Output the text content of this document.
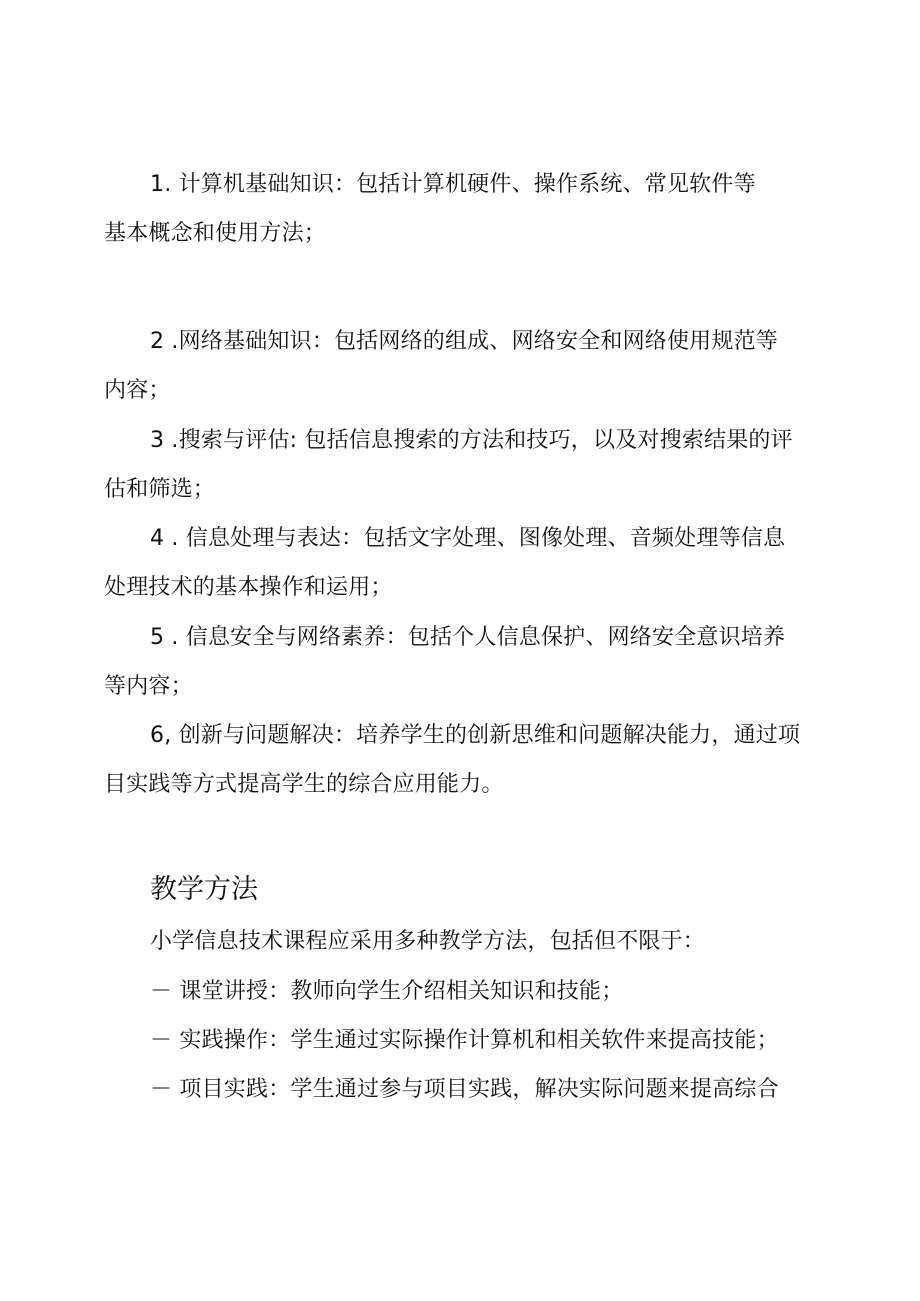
1. 计算机基础知识：包括计算机硬件、操作系统、常见软件等
基本概念和使用方法；
2 .网络基础知识：包括网络的组成、网络安全和网络使用规范等
内容；
3 .搜索与评估: 包括信息搜索的方法和技巧，以及对搜索结果的评
估和筛选；
4 . 信息处理与表达：包括文字处理、图像处理、音频处理等信息
处理技术的基本操作和运用；
5 . 信息安全与网络素养：包括个人信息保护、网络安全意识培养
等内容；
6, 创新与问题解决：培养学生的创新思维和问题解决能力，通过项
目实践等方式提高学生的综合应用能力。
教学方法
小学信息技术课程应采用多种教学方法，包括但不限于：
－ 课堂讲授：教师向学生介绍相关知识和技能；
－ 实践操作：学生通过实际操作计算机和相关软件来提高技能；
－ 项目实践：学生通过参与项目实践，解决实际问题来提高综合
